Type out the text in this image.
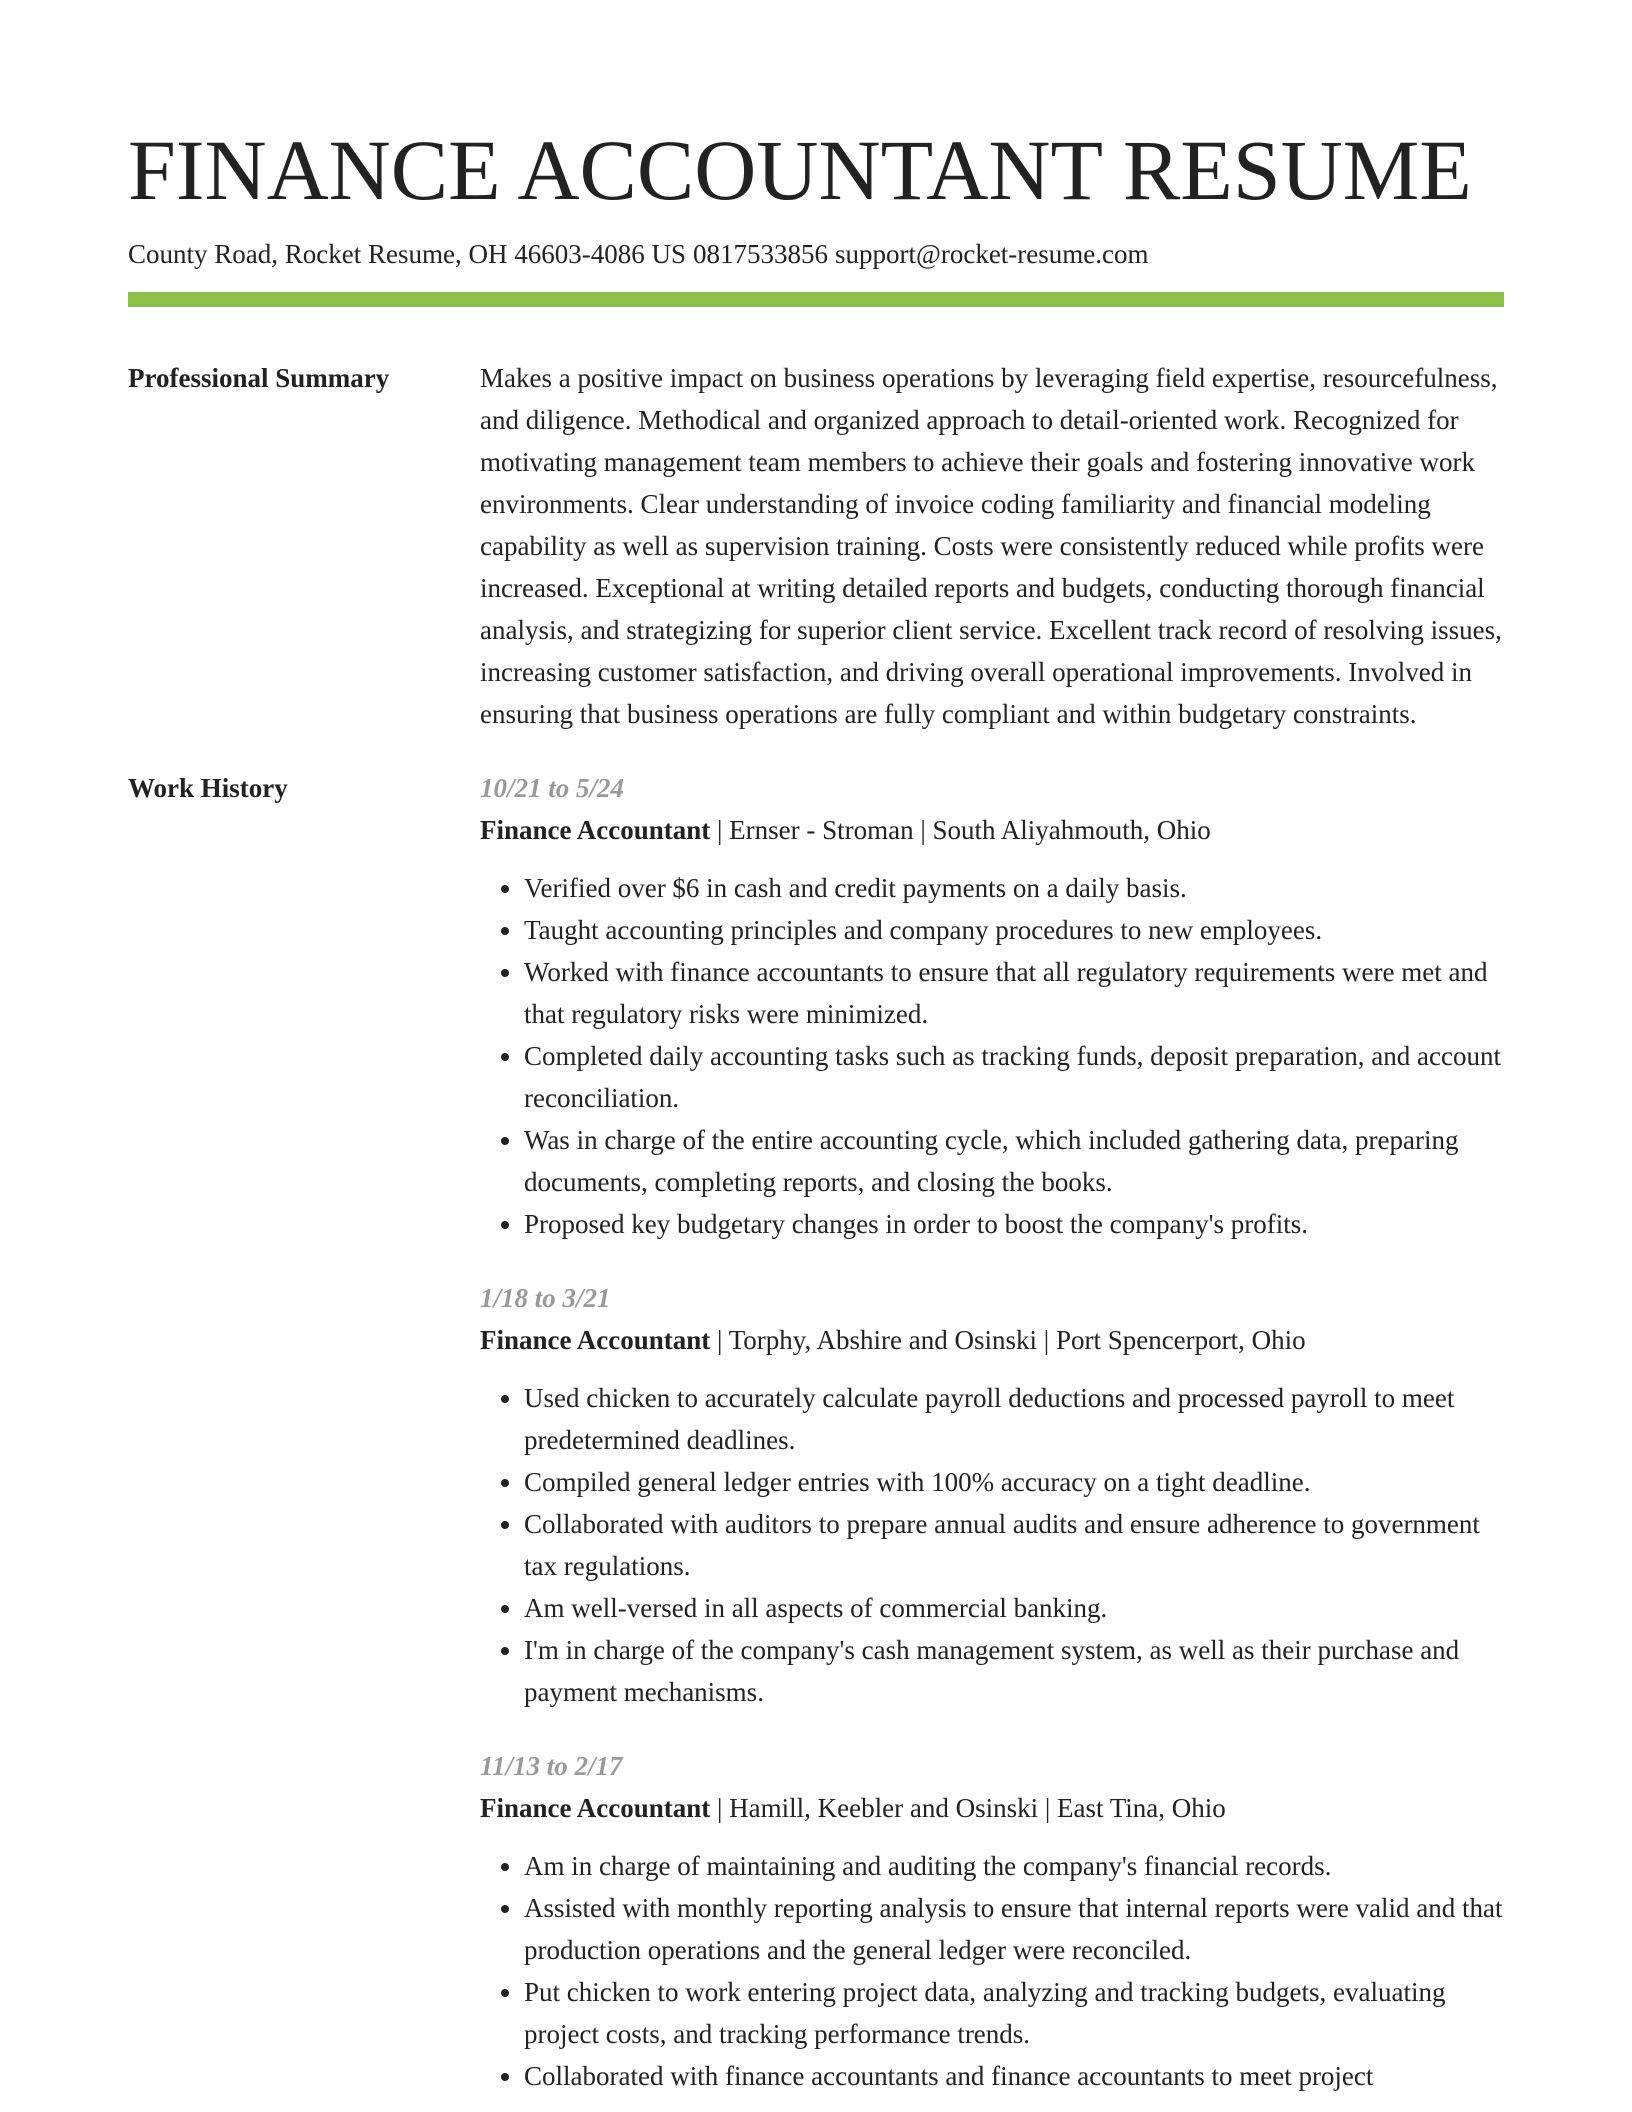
FINANCE ACCOUNTANT RESUME
County Road, Rocket Resume, OH 46603-4086 US 0817533856 support@rocket-resume.com
Professional Summary	Makes a positive impact on business operations by leveraging field expertise, resourcefulness, and diligence. Methodical and organized approach to detail-oriented work. Recognized for motivating management team members to achieve their goals and fostering innovative work environments. Clear understanding of invoice coding familiarity and financial modeling capability as well as supervision training. Costs were consistently reduced while profits were increased. Exceptional at writing detailed reports and budgets, conducting thorough financial analysis, and strategizing for superior client service. Excellent track record of resolving issues, increasing customer satisfaction, and driving overall operational improvements. Involved in ensuring that business operations are fully compliant and within budgetary constraints.

Work History	10/21 to 5/24
Finance Accountant | Ernser - Stroman | South Aliyahmouth, Ohio
• Verified over $6 in cash and credit payments on a daily basis.
• Taught accounting principles and company procedures to new employees.
• Worked with finance accountants to ensure that all regulatory requirements were met and that regulatory risks were minimized.
• Completed daily accounting tasks such as tracking funds, deposit preparation, and account reconciliation.
• Was in charge of the entire accounting cycle, which included gathering data, preparing documents, completing reports, and closing the books.
• Proposed key budgetary changes in order to boost the company's profits.
1/18 to 3/21
Finance Accountant | Torphy, Abshire and Osinski | Port Spencerport, Ohio
• Used chicken to accurately calculate payroll deductions and processed payroll to meet predetermined deadlines.
• Compiled general ledger entries with 100% accuracy on a tight deadline.
• Collaborated with auditors to prepare annual audits and ensure adherence to government tax regulations.
• Am well-versed in all aspects of commercial banking.
• I'm in charge of the company's cash management system, as well as their purchase and payment mechanisms.
11/13 to 2/17
Finance Accountant | Hamill, Keebler and Osinski | East Tina, Ohio
• Am in charge of maintaining and auditing the company's financial records.
• Assisted with monthly reporting analysis to ensure that internal reports were valid and that production operations and the general ledger were reconciled.
• Put chicken to work entering project data, analyzing and tracking budgets, evaluating project costs, and tracking performance trends.
• Collaborated with finance accountants and finance accountants to meet project
